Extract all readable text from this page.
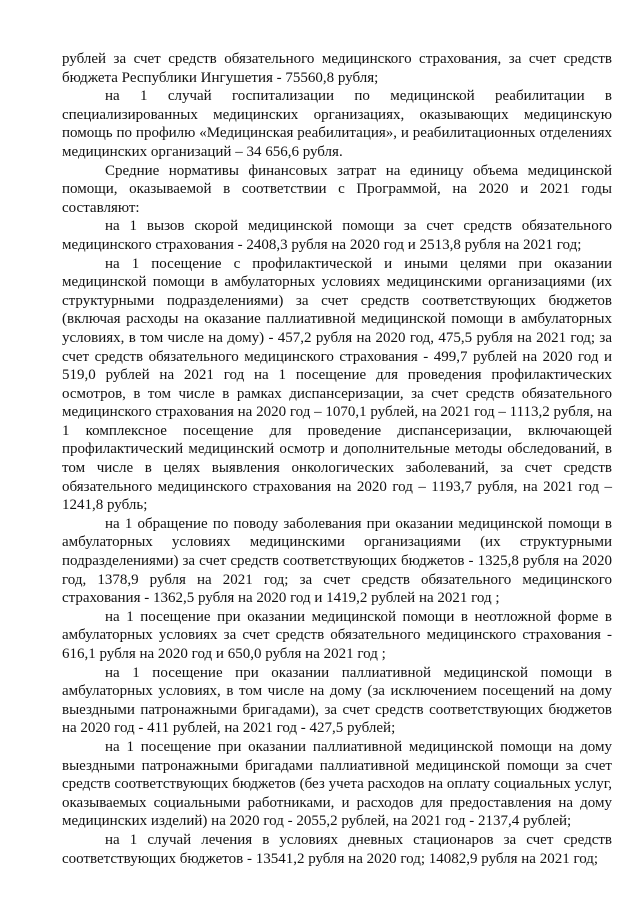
рублей за счет средств обязательного медицинского страхования, за счет средств бюджета Республики Ингушетия - 75560,8 рубля;

на 1 случай госпитализации по медицинской реабилитации в специализированных медицинских организациях, оказывающих медицинскую помощь по профилю «Медицинская реабилитация», и реабилитационных отделениях медицинских организаций – 34 656,6 рубля.

Средние нормативы финансовых затрат на единицу объема медицинской помощи, оказываемой в соответствии с Программой, на 2020 и 2021 годы составляют:

на 1 вызов скорой медицинской помощи за счет средств обязательного медицинского страхования - 2408,3 рубля на 2020 год и 2513,8 рубля на 2021 год;

на 1 посещение с профилактической и иными целями при оказании медицинской помощи в амбулаторных условиях медицинскими организациями (их структурными подразделениями) за счет средств соответствующих бюджетов (включая расходы на оказание паллиативной медицинской помощи в амбулаторных условиях, в том числе на дому) - 457,2 рубля на 2020 год, 475,5 рубля на 2021 год; за счет средств обязательного медицинского страхования - 499,7 рублей на 2020 год и 519,0 рублей на 2021 год на 1 посещение для проведения профилактических осмотров, в том числе в рамках диспансеризации, за счет средств обязательного медицинского страхования на 2020 год – 1070,1 рублей, на 2021 год – 1113,2 рубля, на 1 комплексное посещение для проведение диспансеризации, включающей профилактический медицинский осмотр и дополнительные методы обследований, в том числе в целях выявления онкологических заболеваний, за счет средств обязательного медицинского страхования на 2020 год – 1193,7 рубля, на 2021 год – 1241,8 рубль;

на 1 обращение по поводу заболевания при оказании медицинской помощи в амбулаторных условиях медицинскими организациями (их структурными подразделениями) за счет средств соответствующих бюджетов - 1325,8 рубля на 2020 год, 1378,9 рубля на 2021 год; за счет средств обязательного медицинского страхования - 1362,5 рубля на 2020 год и 1419,2 рублей на 2021 год ;

на 1 посещение при оказании медицинской помощи в неотложной форме в амбулаторных условиях за счет средств обязательного медицинского страхования - 616,1 рубля на 2020 год и 650,0 рубля на 2021 год ;

на 1 посещение при оказании паллиативной медицинской помощи в амбулаторных условиях, в том числе на дому (за исключением посещений на дому выездными патронажными бригадами), за счет средств соответствующих бюджетов на 2020 год - 411 рублей, на 2021 год - 427,5 рублей;

на 1 посещение при оказании паллиативной медицинской помощи на дому выездными патронажными бригадами паллиативной медицинской помощи за счет средств соответствующих бюджетов (без учета расходов на оплату социальных услуг, оказываемых социальными работниками, и расходов для предоставления на дому медицинских изделий) на 2020 год - 2055,2 рублей, на 2021 год - 2137,4 рублей;

на 1 случай лечения в условиях дневных стационаров за счет средств соответствующих бюджетов - 13541,2 рубля на 2020 год; 14082,9 рубля на 2021 год;
